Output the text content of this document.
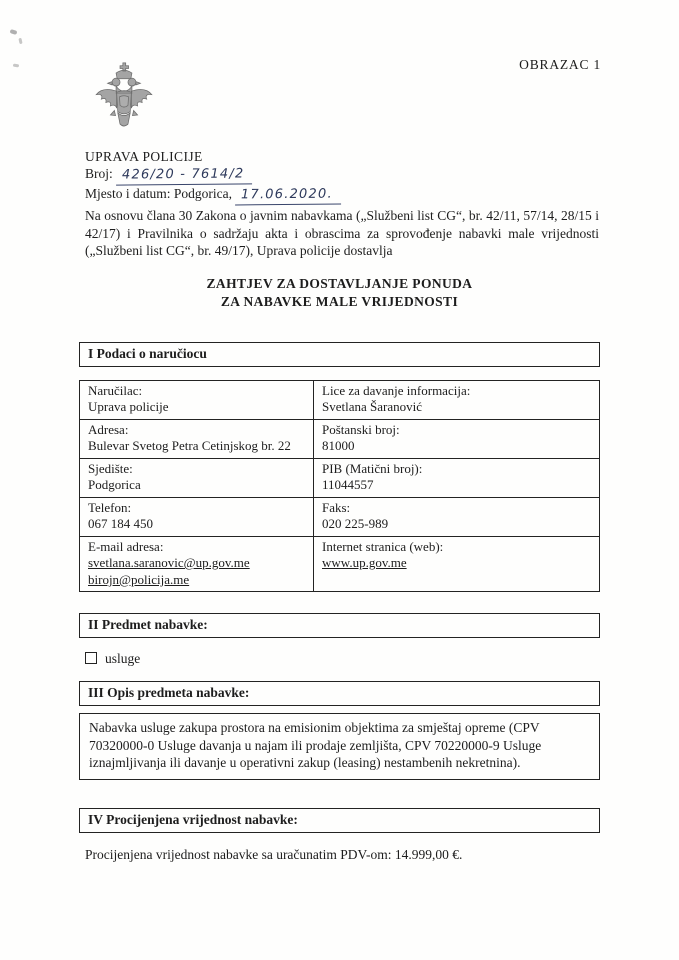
OBRAZAC 1
UPRAVA POLICIJE
Broj: 426/20 - 7614/2
Mjesto i datum: Podgorica, 17.06.2020.

Na osnovu člana 30 Zakona o javnim nabavkama („Službeni list CG“, br. 42/11, 57/14, 28/15 i 42/17) i Pravilnika o sadržaju akta i obrascima za sprovođenje nabavki male vrijednosti („Službeni list CG“, br. 49/17), Uprava policije dostavlja

ZAHTJEV ZA DOSTAVLJANJE PONUDA
ZA NABAVKE MALE VRIJEDNOSTI
I Podaci o naručiocu
Naručilac:
Uprava policije	Lice za davanje informacija:
Svetlana Šaranović

Adresa:
Bulevar Svetog Petra Cetinjskog br. 22	Poštanski broj:
81000

Sjedište:
Podgorica	PIB (Matični broj):
11044557

Telefon:
067 184 450	Faks:
020 225-989

E-mail adresa:
svetlana.saranovic@up.gov.me
birojn@policija.me	Internet stranica (web):
www.up.gov.me
II Predmet nabavke:
usluge
III Opis predmeta nabavke:
Nabavka usluge zakupa prostora na emisionim objektima za smještaj opreme (CPV 70320000-0 Usluge davanja u najam ili prodaje zemljišta, CPV 70220000-9 Usluge iznajmljivanja ili davanje u operativni zakup (leasing) nestambenih nekretnina).
IV Procijenjena vrijednost nabavke:

Procijenjena vrijednost nabavke sa uračunatim PDV-om: 14.999,00 €.
